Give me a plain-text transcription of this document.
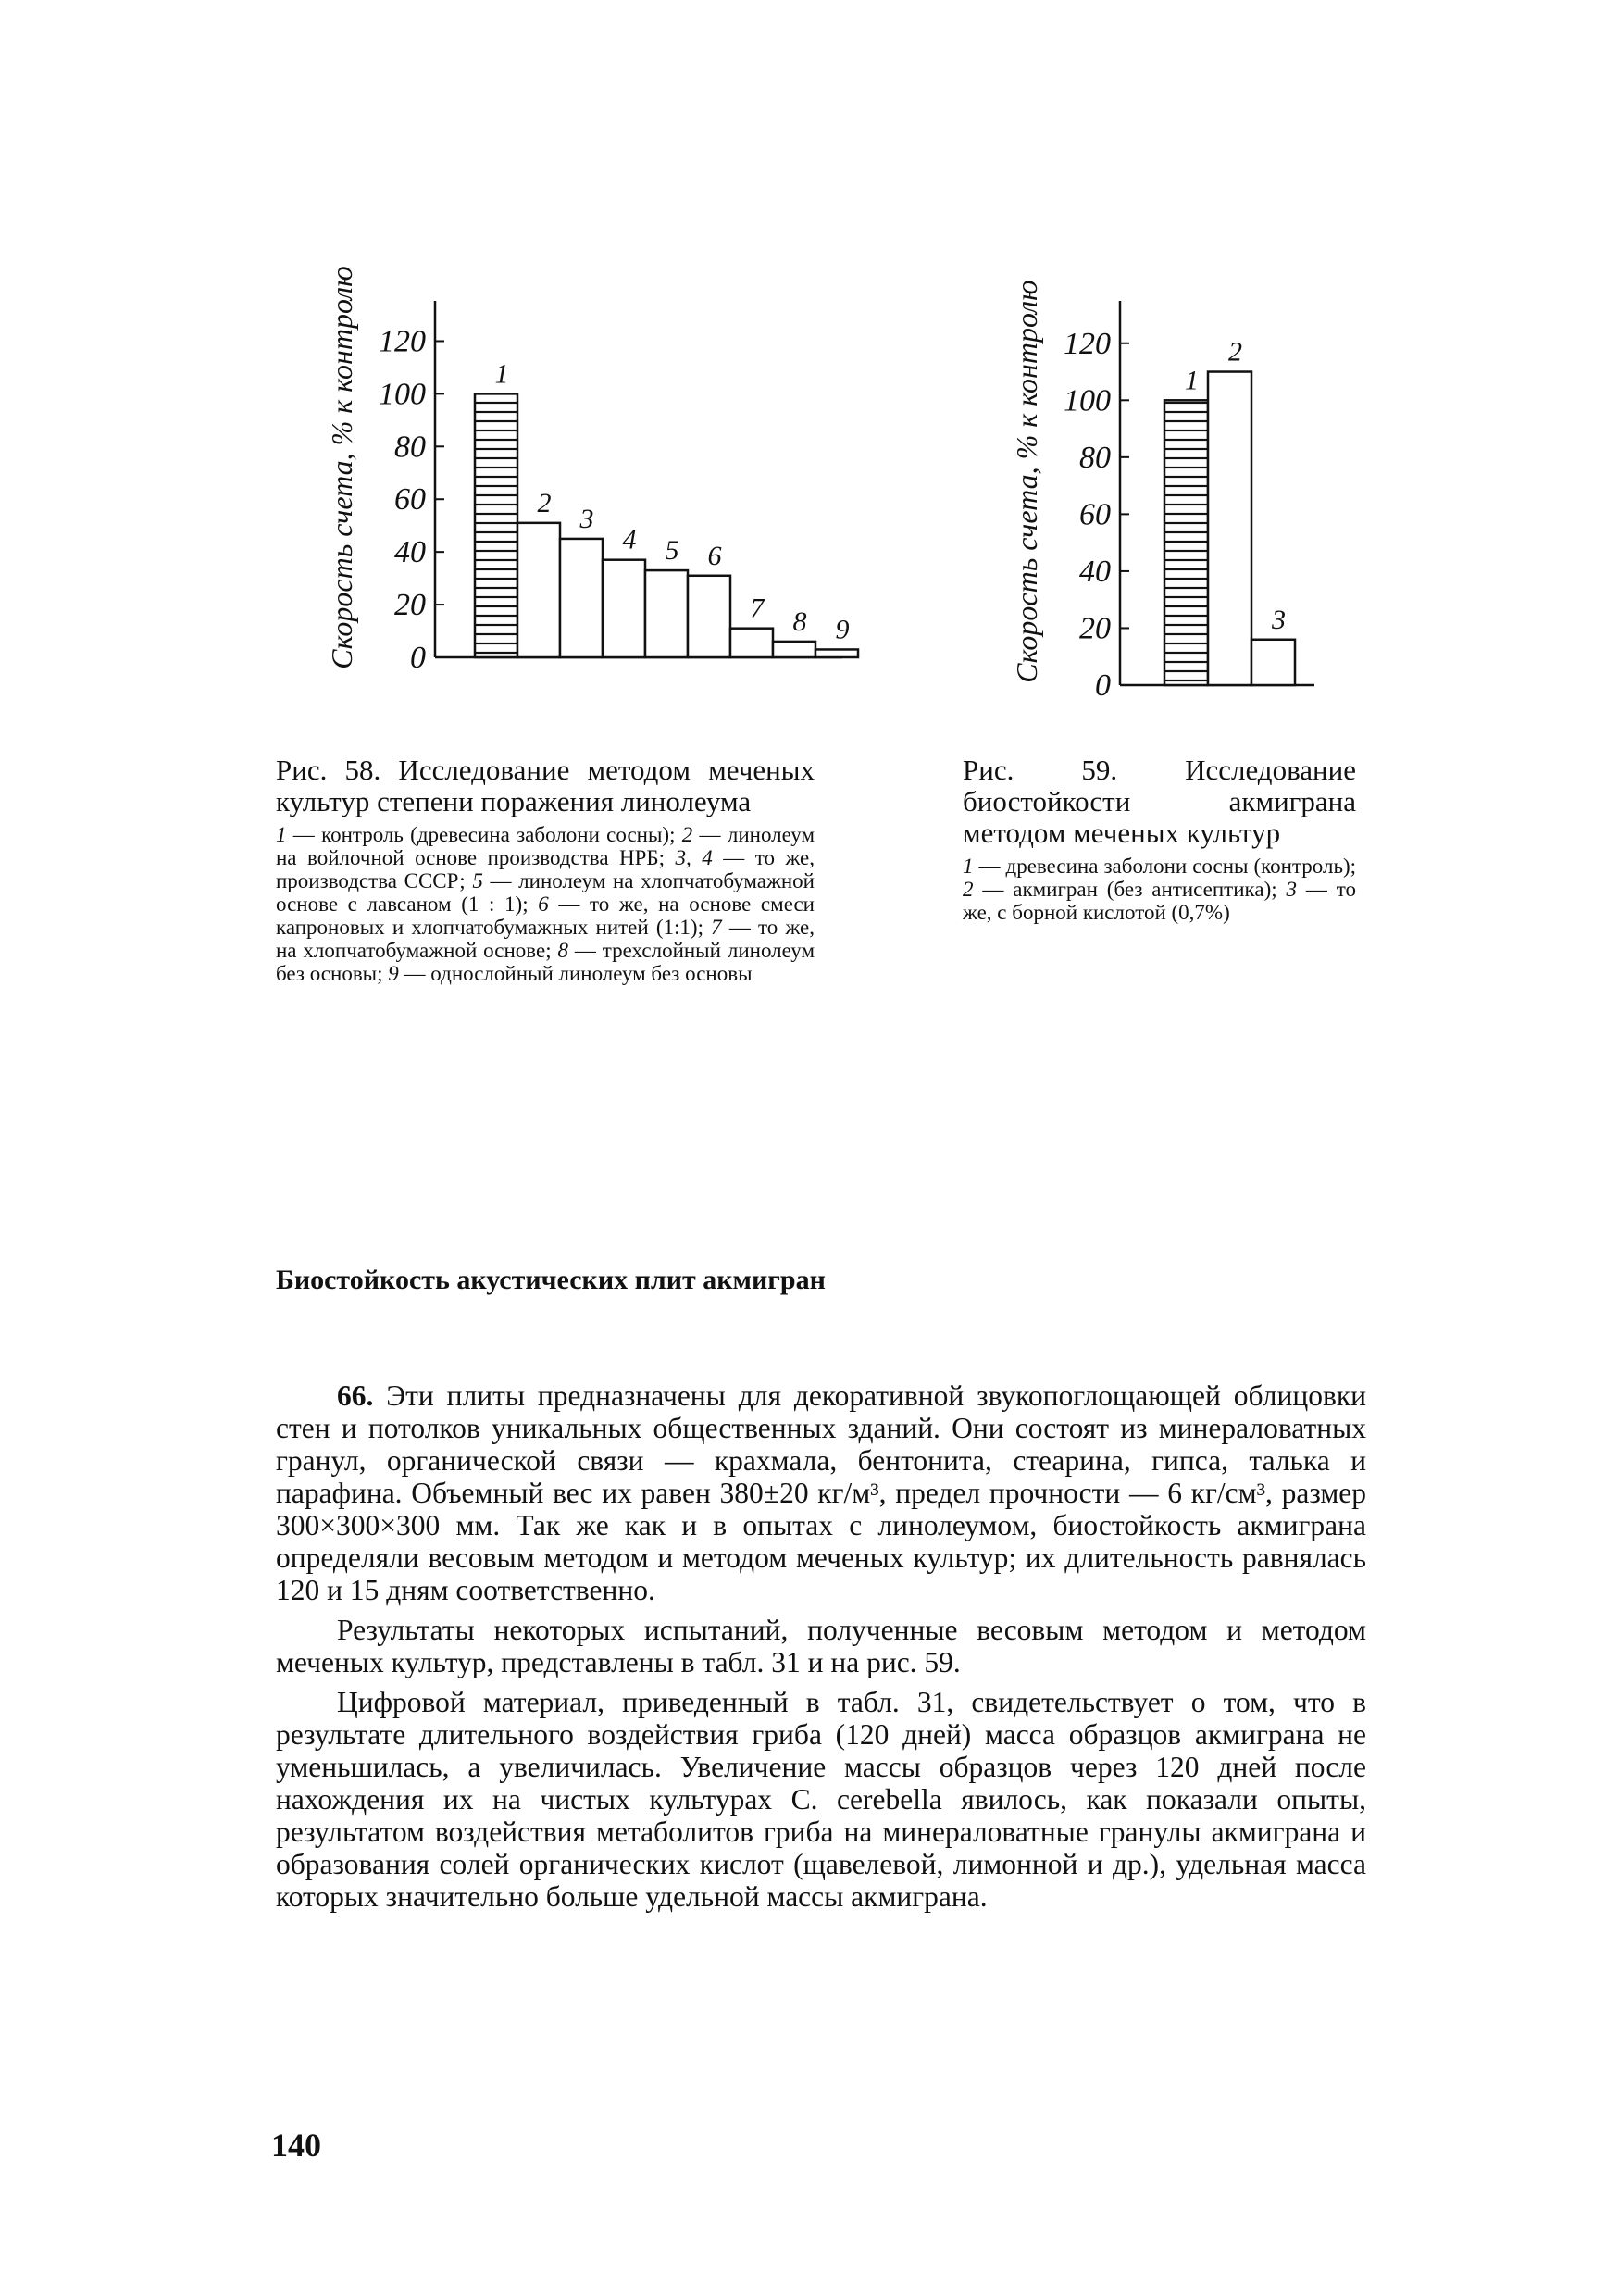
Скорость счета, % к контролю 0
20
40
60
80
100
120
1
2
3
4 5 6
7 8 9	Скорость счета, % к контролю
0
20
40
60
80
100
120
1
2
3

Рис. 58. Исследование методом меченых культур степени поражения линолеума

1 — контроль (древесина заболони сосны); 2 — линолеум на войлочной основе производства НРБ; 3, 4 — то же, производства СССР; 5 — линолеум на хлопчатобумажной основе с лавсаном (1 : 1); 6 — то же, на основе смеси капроновых и хлопчатобумажных нитей (1:1); 7 — то же, на хлопчатобумажной основе; 8 — трехслойный линолеум без основы; 9 — однослойный линолеум без основы

Рис. 59. Исследование биостойкости акмиграна методом меченых культур

1 — древесина заболони сосны (контроль); 2 — акмигран (без антисептика); 3 — то же, с борной кислотой (0,7%)
Биостойкость акустических плит акмигран

66. Эти плиты предназначены для декоративной звукопоглощающей облицовки стен и потолков уникальных общественных зданий. Они состоят из минераловатных гранул, органической связи — крахмала, бентонита, стеарина, гипса, талька и парафина. Объемный вес их равен 380±20 кг/м³, предел прочности — 6 кг/см³, размер 300×300×300 мм. Так же как и в опытах с линолеумом, биостойкость акмиграна определяли весовым методом и методом меченых культур; их длительность равнялась 120 и 15 дням соответственно.

Результаты некоторых испытаний, полученные весовым методом и методом меченых культур, представлены в табл. 31 и на рис. 59.

Цифровой материал, приведенный в табл. 31, свидетельствует о том, что в результате длительного воздействия гриба (120 дней) масса образцов акмиграна не уменьшилась, а увеличилась. Увеличение массы образцов через 120 дней после нахождения их на чистых культурах C. cerebella явилось, как показали опыты, результатом воздействия метаболитов гриба на минераловатные гранулы акмиграна и образования солей органических кислот (щавелевой, лимонной и др.), удельная масса которых значительно больше удельной массы акмиграна.

140
